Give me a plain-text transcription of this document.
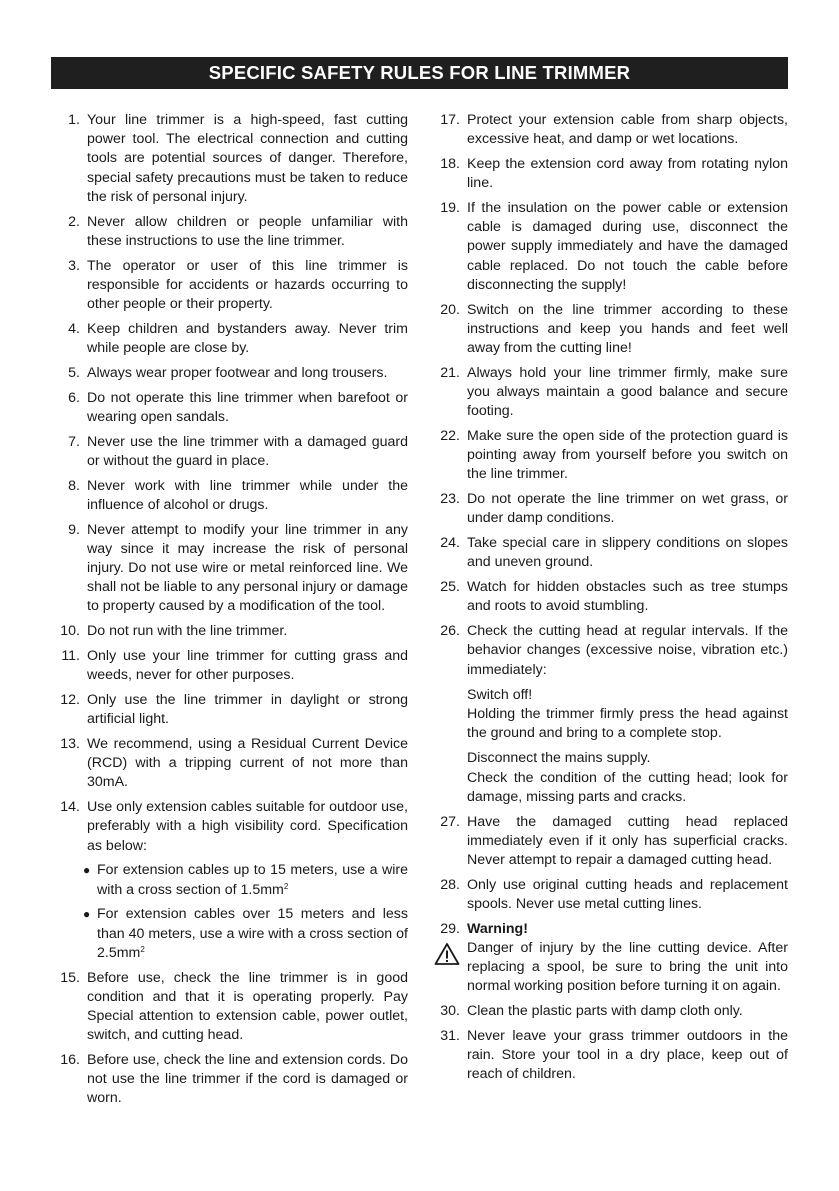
SPECIFIC SAFETY RULES FOR LINE TRIMMER
1. Your line trimmer is a high-speed, fast cutting power tool. The electrical connection and cutting tools are potential sources of danger. Therefore, special safety precautions must be taken to reduce the risk of personal injury.
2. Never allow children or people unfamiliar with these instructions to use the line trimmer.
3. The operator or user of this line trimmer is responsible for accidents or hazards occurring to other people or their property.
4. Keep children and bystanders away. Never trim while people are close by.
5. Always wear proper footwear and long trousers.
6. Do not operate this line trimmer when barefoot or wearing open sandals.
7. Never use the line trimmer with a damaged guard or without the guard in place.
8. Never work with line trimmer while under the influence of alcohol or drugs.
9. Never attempt to modify your line trimmer in any way since it may increase the risk of personal injury. Do not use wire or metal reinforced line. We shall not be liable to any personal injury or damage to property caused by a modification of the tool.
10. Do not run with the line trimmer.
11. Only use your line trimmer for cutting grass and weeds, never for other purposes.
12. Only use the line trimmer in daylight or strong artificial light.
13. We recommend, using a Residual Current Device (RCD) with a tripping current of not more than 30mA.
14. Use only extension cables suitable for outdoor use, preferably with a high visibility cord. Specification as below:
● For extension cables up to 15 meters, use a wire with a cross section of $1.5mm^2$
● For extension cables over 15 meters and less than 40 meters, use a wire with a cross section of $2.5mm^2$
15. Before use, check the line trimmer is in good condition and that it is operating properly. Pay Special attention to extension cable, power outlet, switch, and cutting head.
16. Before use, check the line and extension cords. Do not use the line trimmer if the cord is damaged or worn.
17. Protect your extension cable from sharp objects, excessive heat, and damp or wet locations.
18. Keep the extension cord away from rotating nylon line.
19. If the insulation on the power cable or extension cable is damaged during use, disconnect the power supply immediately and have the damaged cable replaced. Do not touch the cable before disconnecting the supply!
20. Switch on the line trimmer according to these instructions and keep you hands and feet well away from the cutting line!
21. Always hold your line trimmer firmly, make sure you always maintain a good balance and secure footing.
22. Make sure the open side of the protection guard is pointing away from yourself before you switch on the line trimmer.
23. Do not operate the line trimmer on wet grass, or under damp conditions.
24. Take special care in slippery conditions on slopes and uneven ground.
25. Watch for hidden obstacles such as tree stumps and roots to avoid stumbling.
26. Check the cutting head at regular intervals. If the behavior changes (excessive noise, vibration etc.) immediately:
Switch off!
Holding the trimmer firmly press the head against the ground and bring to a complete stop.
Disconnect the mains supply.
Check the condition of the cutting head; look for damage, missing parts and cracks.
27. Have the damaged cutting head replaced immediately even if it only has superficial cracks. Never attempt to repair a damaged cutting head.
28. Only use original cutting heads and replacement spools. Never use metal cutting lines.
29. Warning!
Danger of injury by the line cutting device. After replacing a spool, be sure to bring the unit into normal working position before turning it on again.
30. Clean the plastic parts with damp cloth only.
31. Never leave your grass trimmer outdoors in the rain. Store your tool in a dry place, keep out of reach of children.
